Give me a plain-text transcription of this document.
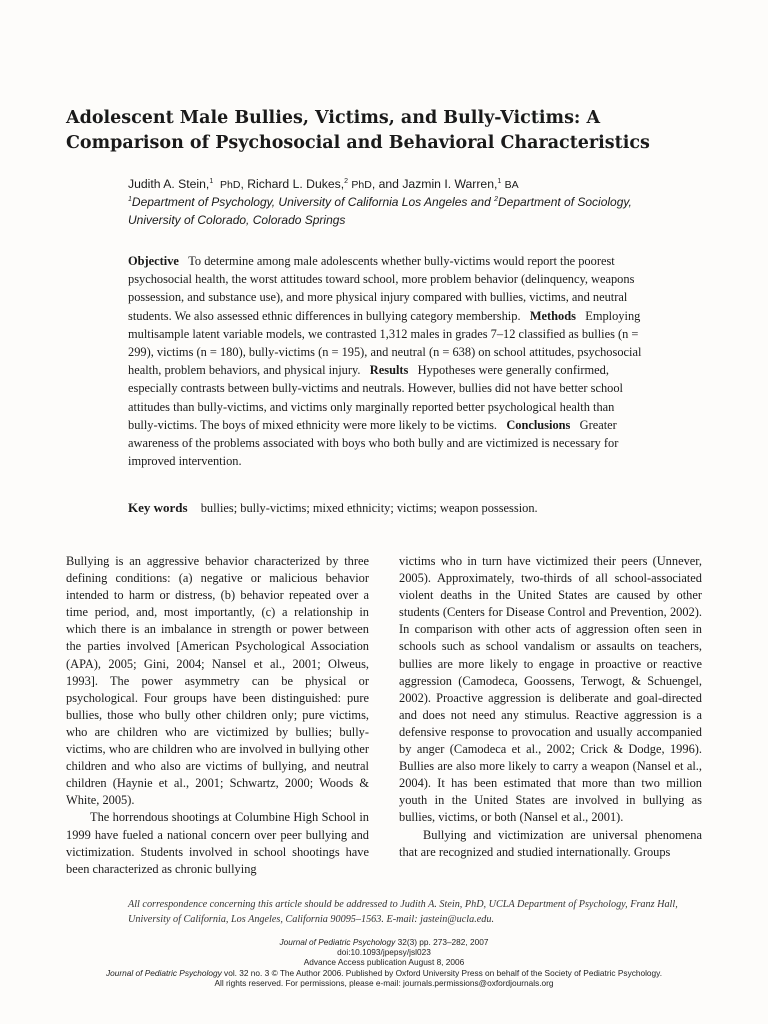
Adolescent Male Bullies, Victims, and Bully-Victims: A Comparison of Psychosocial and Behavioral Characteristics
Judith A. Stein,$^1$ PhD, Richard L. Dukes,$^2$ PhD, and Jazmin I. Warren,$^1$ BA
$^1$Department of Psychology, University of California Los Angeles and $^2$Department of Sociology, University of Colorado, Colorado Springs

Objective To determine among male adolescents whether bully-victims would report the poorest psychosocial health, the worst attitudes toward school, more problem behavior (delinquency, weapons possession, and substance use), and more physical injury compared with bullies, victims, and neutral students. We also assessed ethnic differences in bullying category membership. Methods Employing multisample latent variable models, we contrasted 1,312 males in grades 7–12 classified as bullies (n = 299), victims (n = 180), bully-victims (n = 195), and neutral (n = 638) on school attitudes, psychosocial health, problem behaviors, and physical injury. Results Hypotheses were generally confirmed, especially contrasts between bully-victims and neutrals. However, bullies did not have better school attitudes than bully-victims, and victims only marginally reported better psychological health than bully-victims. The boys of mixed ethnicity were more likely to be victims. Conclusions Greater awareness of the problems associated with boys who both bully and are victimized is necessary for improved intervention.

Key words bullies; bully-victims; mixed ethnicity; victims; weapon possession.

Bullying is an aggressive behavior characterized by three defining conditions: (a) negative or malicious behavior intended to harm or distress, (b) behavior repeated over a time period, and, most importantly, (c) a relationship in which there is an imbalance in strength or power between the parties involved [American Psychological Association (APA), 2005; Gini, 2004; Nansel et al., 2001; Olweus, 1993]. The power asymmetry can be physical or psychological. Four groups have been distinguished: pure bullies, those who bully other children only; pure victims, who are children who are victimized by bullies; bully-victims, who are children who are involved in bullying other children and who also are victims of bullying, and neutral children (Haynie et al., 2001; Schwartz, 2000; Woods & White, 2005).

The horrendous shootings at Columbine High School in 1999 have fueled a national concern over peer bullying and victimization. Students involved in school shootings have been characterized as chronic bullying

victims who in turn have victimized their peers (Unnever, 2005). Approximately, two-thirds of all school-associated violent deaths in the United States are caused by other students (Centers for Disease Control and Prevention, 2002). In comparison with other acts of aggression often seen in schools such as school vandalism or assaults on teachers, bullies are more likely to engage in proactive or reactive aggression (Camodeca, Goossens, Terwogt, & Schuengel, 2002). Proactive aggression is deliberate and goal-directed and does not need any stimulus. Reactive aggression is a defensive response to provocation and usually accompanied by anger (Camodeca et al., 2002; Crick & Dodge, 1996). Bullies are also more likely to carry a weapon (Nansel et al., 2004). It has been estimated that more than two million youth in the United States are involved in bullying as bullies, victims, or both (Nansel et al., 2001).

Bullying and victimization are universal phenomena that are recognized and studied internationally. Groups

All correspondence concerning this article should be addressed to Judith A. Stein, PhD, UCLA Department of Psychology, Franz Hall, University of California, Los Angeles, California 90095–1563. E-mail: jastein@ucla.edu.
Journal of Pediatric Psychology 32(3) pp. 273–282, 2007
doi:10.1093/jpepsy/jsl023
Advance Access publication August 8, 2006
Journal of Pediatric Psychology vol. 32 no. 3 © The Author 2006. Published by Oxford University Press on behalf of the Society of Pediatric Psychology.
All rights reserved. For permissions, please e-mail: journals.permissions@oxfordjournals.org
